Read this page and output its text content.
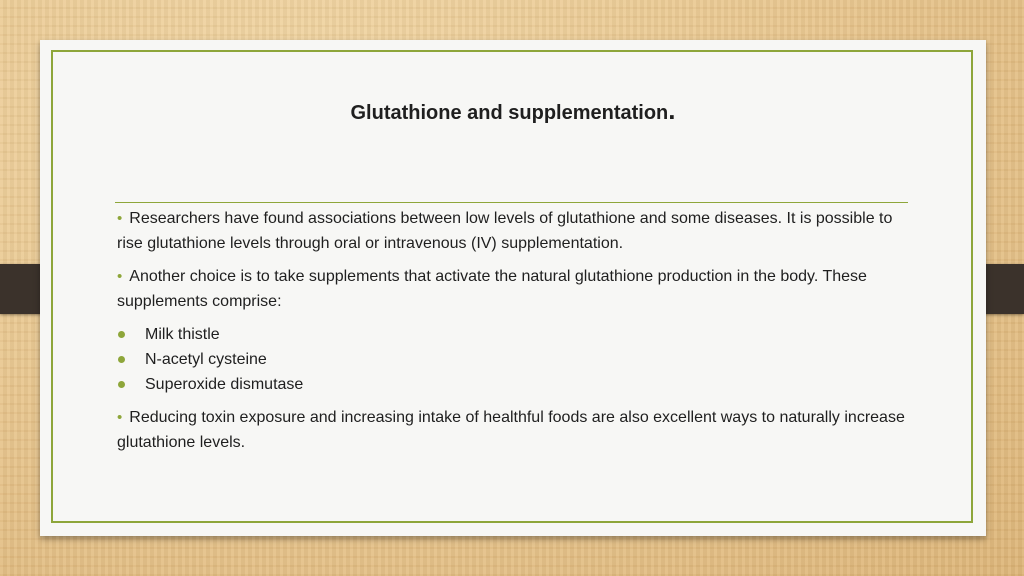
Glutathione and supplementation.

• Researchers have found associations between low levels of glutathione and some diseases. It is possible to rise glutathione levels through oral or intravenous (IV) supplementation.

• Another choice is to take supplements that activate the natural glutathione production in the body. These supplements comprise:

Milk thistle
N-acetyl cysteine
Superoxide dismutase

• Reducing toxin exposure and increasing intake of healthful foods are also excellent ways to naturally increase glutathione levels.
